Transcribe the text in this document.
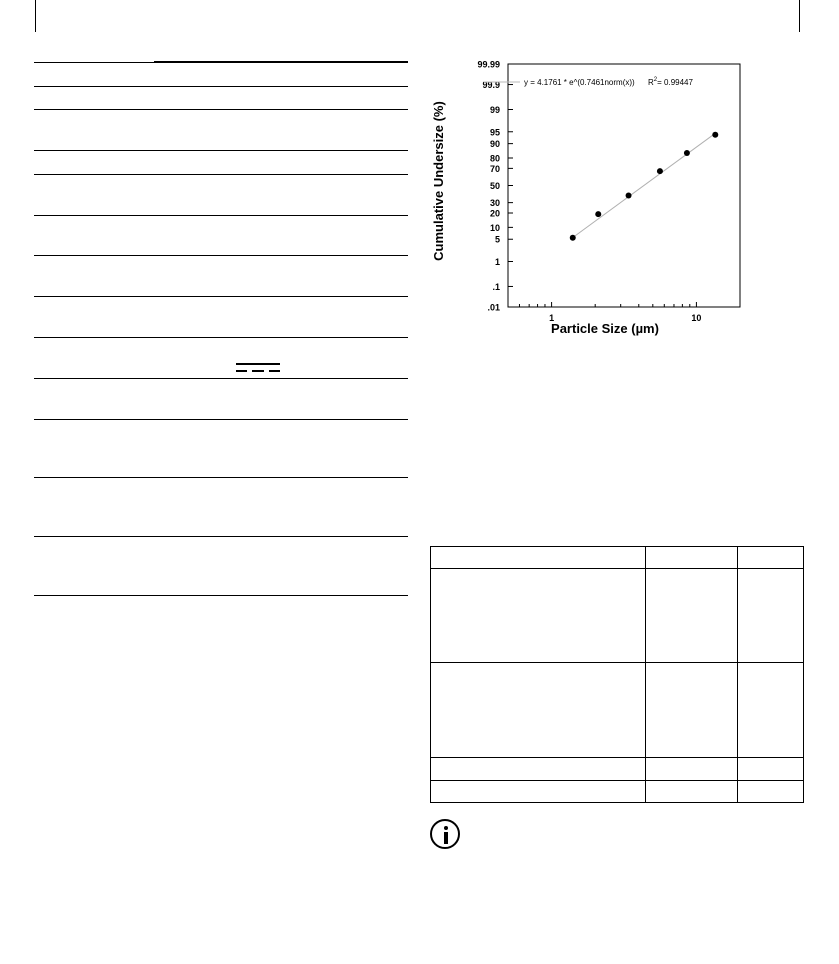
Cumulative Undersize (%)
Particle Size (µm)
.01
.1
1
5
10
20
30
50
70
80
90
95
99
99.9
99.99
1	10
y = 4.1761 * e^(0.7461norm(x)) $R^2= 0.99447$
